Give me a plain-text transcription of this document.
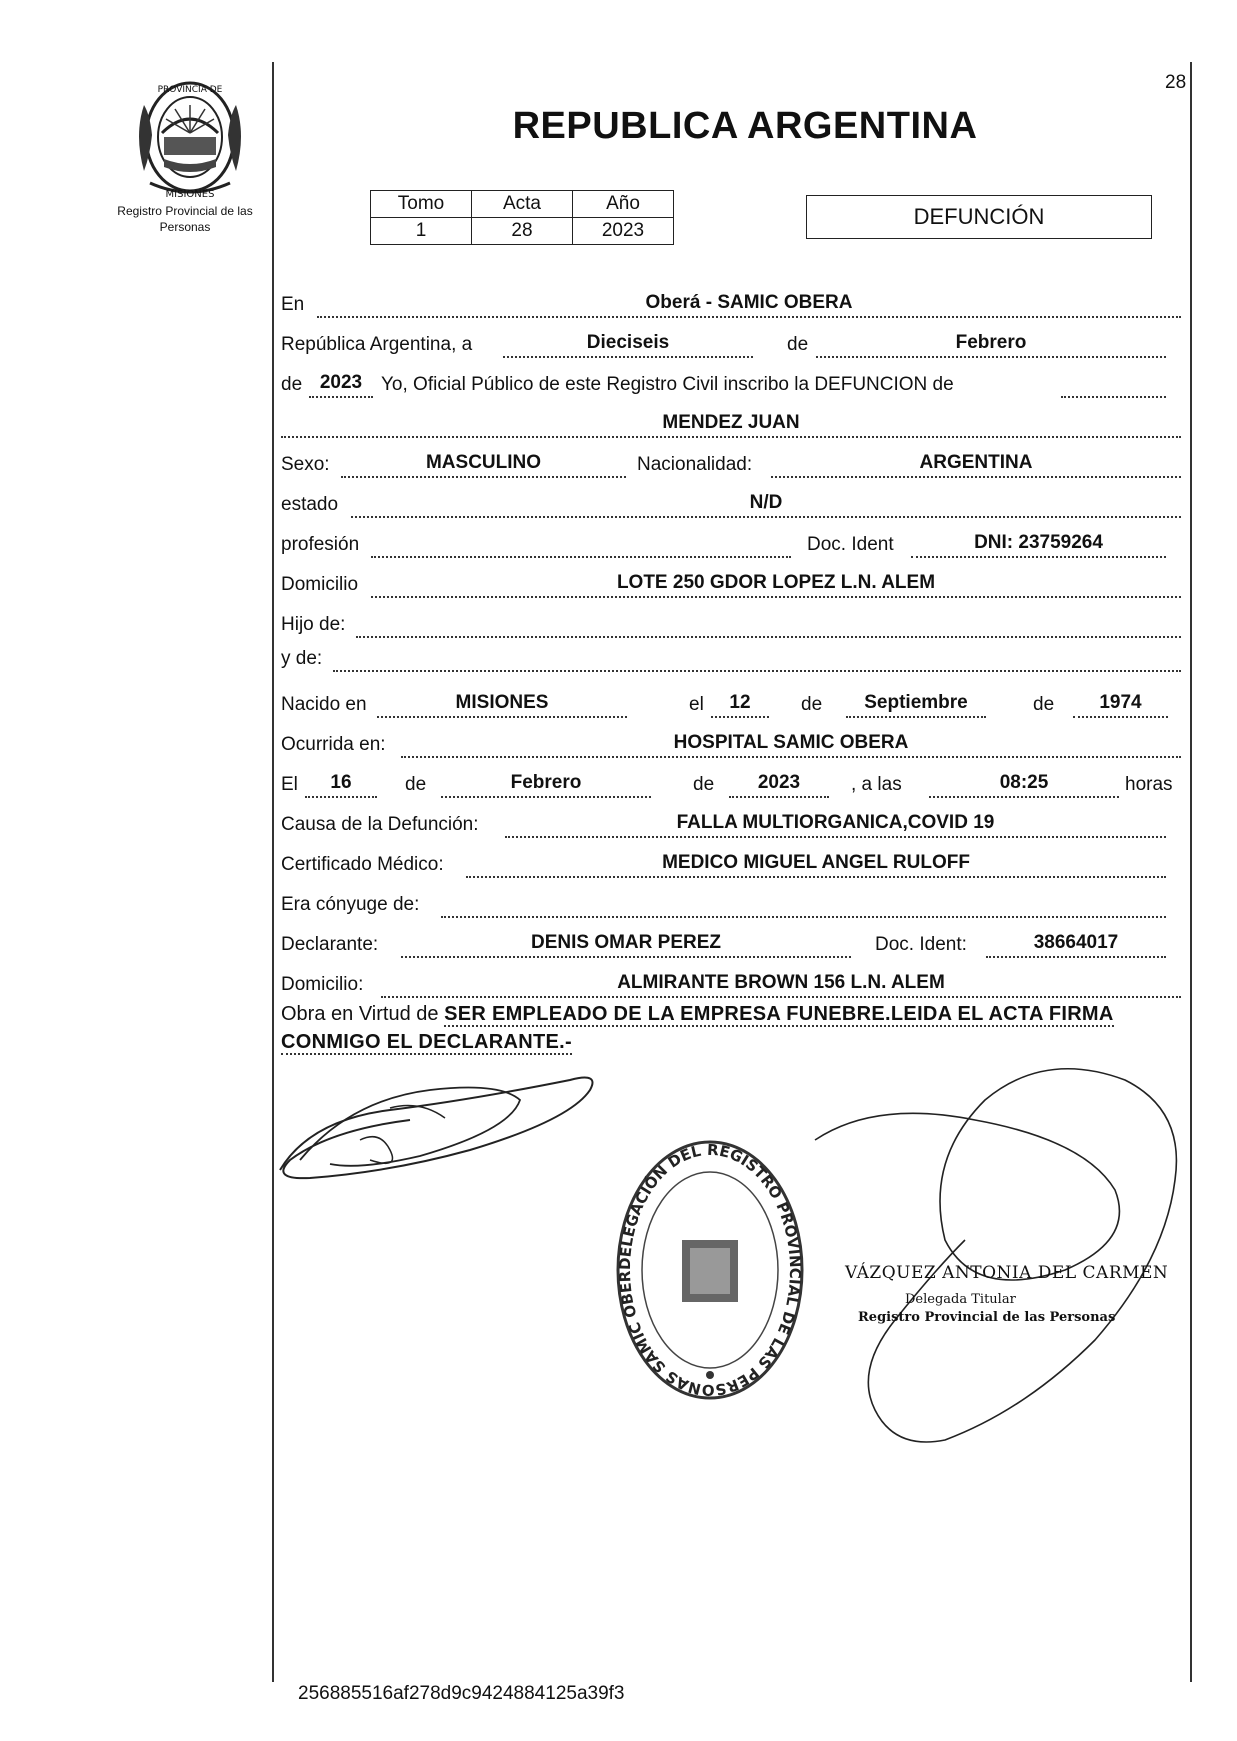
PROVINCIA DE
MISIONES
Registro Provincial de las Personas
28
REPUBLICA ARGENTINA
Tomo	Acta	Año
1	28	2023
DEFUNCIÓN
En	Oberá - SAMIC OBERA
República Argentina, a	Dieciseis	de	Febrero
de 2023 Yo, Oficial Público de este Registro Civil inscribo la DEFUNCION de
MENDEZ JUAN
Sexo:	MASCULINO	Nacionalidad:	ARGENTINA
estado	N/D
profesión	Doc. Ident	DNI: 23759264
Domicilio	LOTE 250 GDOR LOPEZ L.N. ALEM
Hijo de:
y de:
Nacido en	MISIONES	el	12	de	Septiembre	de	1974
Ocurrida en:	HOSPITAL SAMIC OBERA
El	16	de	Febrero	de	2023	, a las	08:25	horas
Causa de la Defunción:	FALLA MULTIORGANICA,COVID 19
Certificado Médico:	MEDICO MIGUEL ANGEL RULOFF
Era cónyuge de:
Declarante:	DENIS OMAR PEREZ	Doc. Ident:	38664017
Domicilio:	ALMIRANTE BROWN 156 L.N. ALEM
Obra en Virtud de SER EMPLEADO DE LA EMPRESA FUNEBRE.LEIDA EL ACTA FIRMA CONMIGO EL DECLARANTE.-
DELEGACIÓN DEL REGISTRO PROVINCIAL DE LAS PERSONAS SAMIC OBER	VÁZQUEZ ANTONIA DEL CARMEN
Delegada Titular
Registro Provincial de las Personas
256885516af278d9c9424884125a39f3
